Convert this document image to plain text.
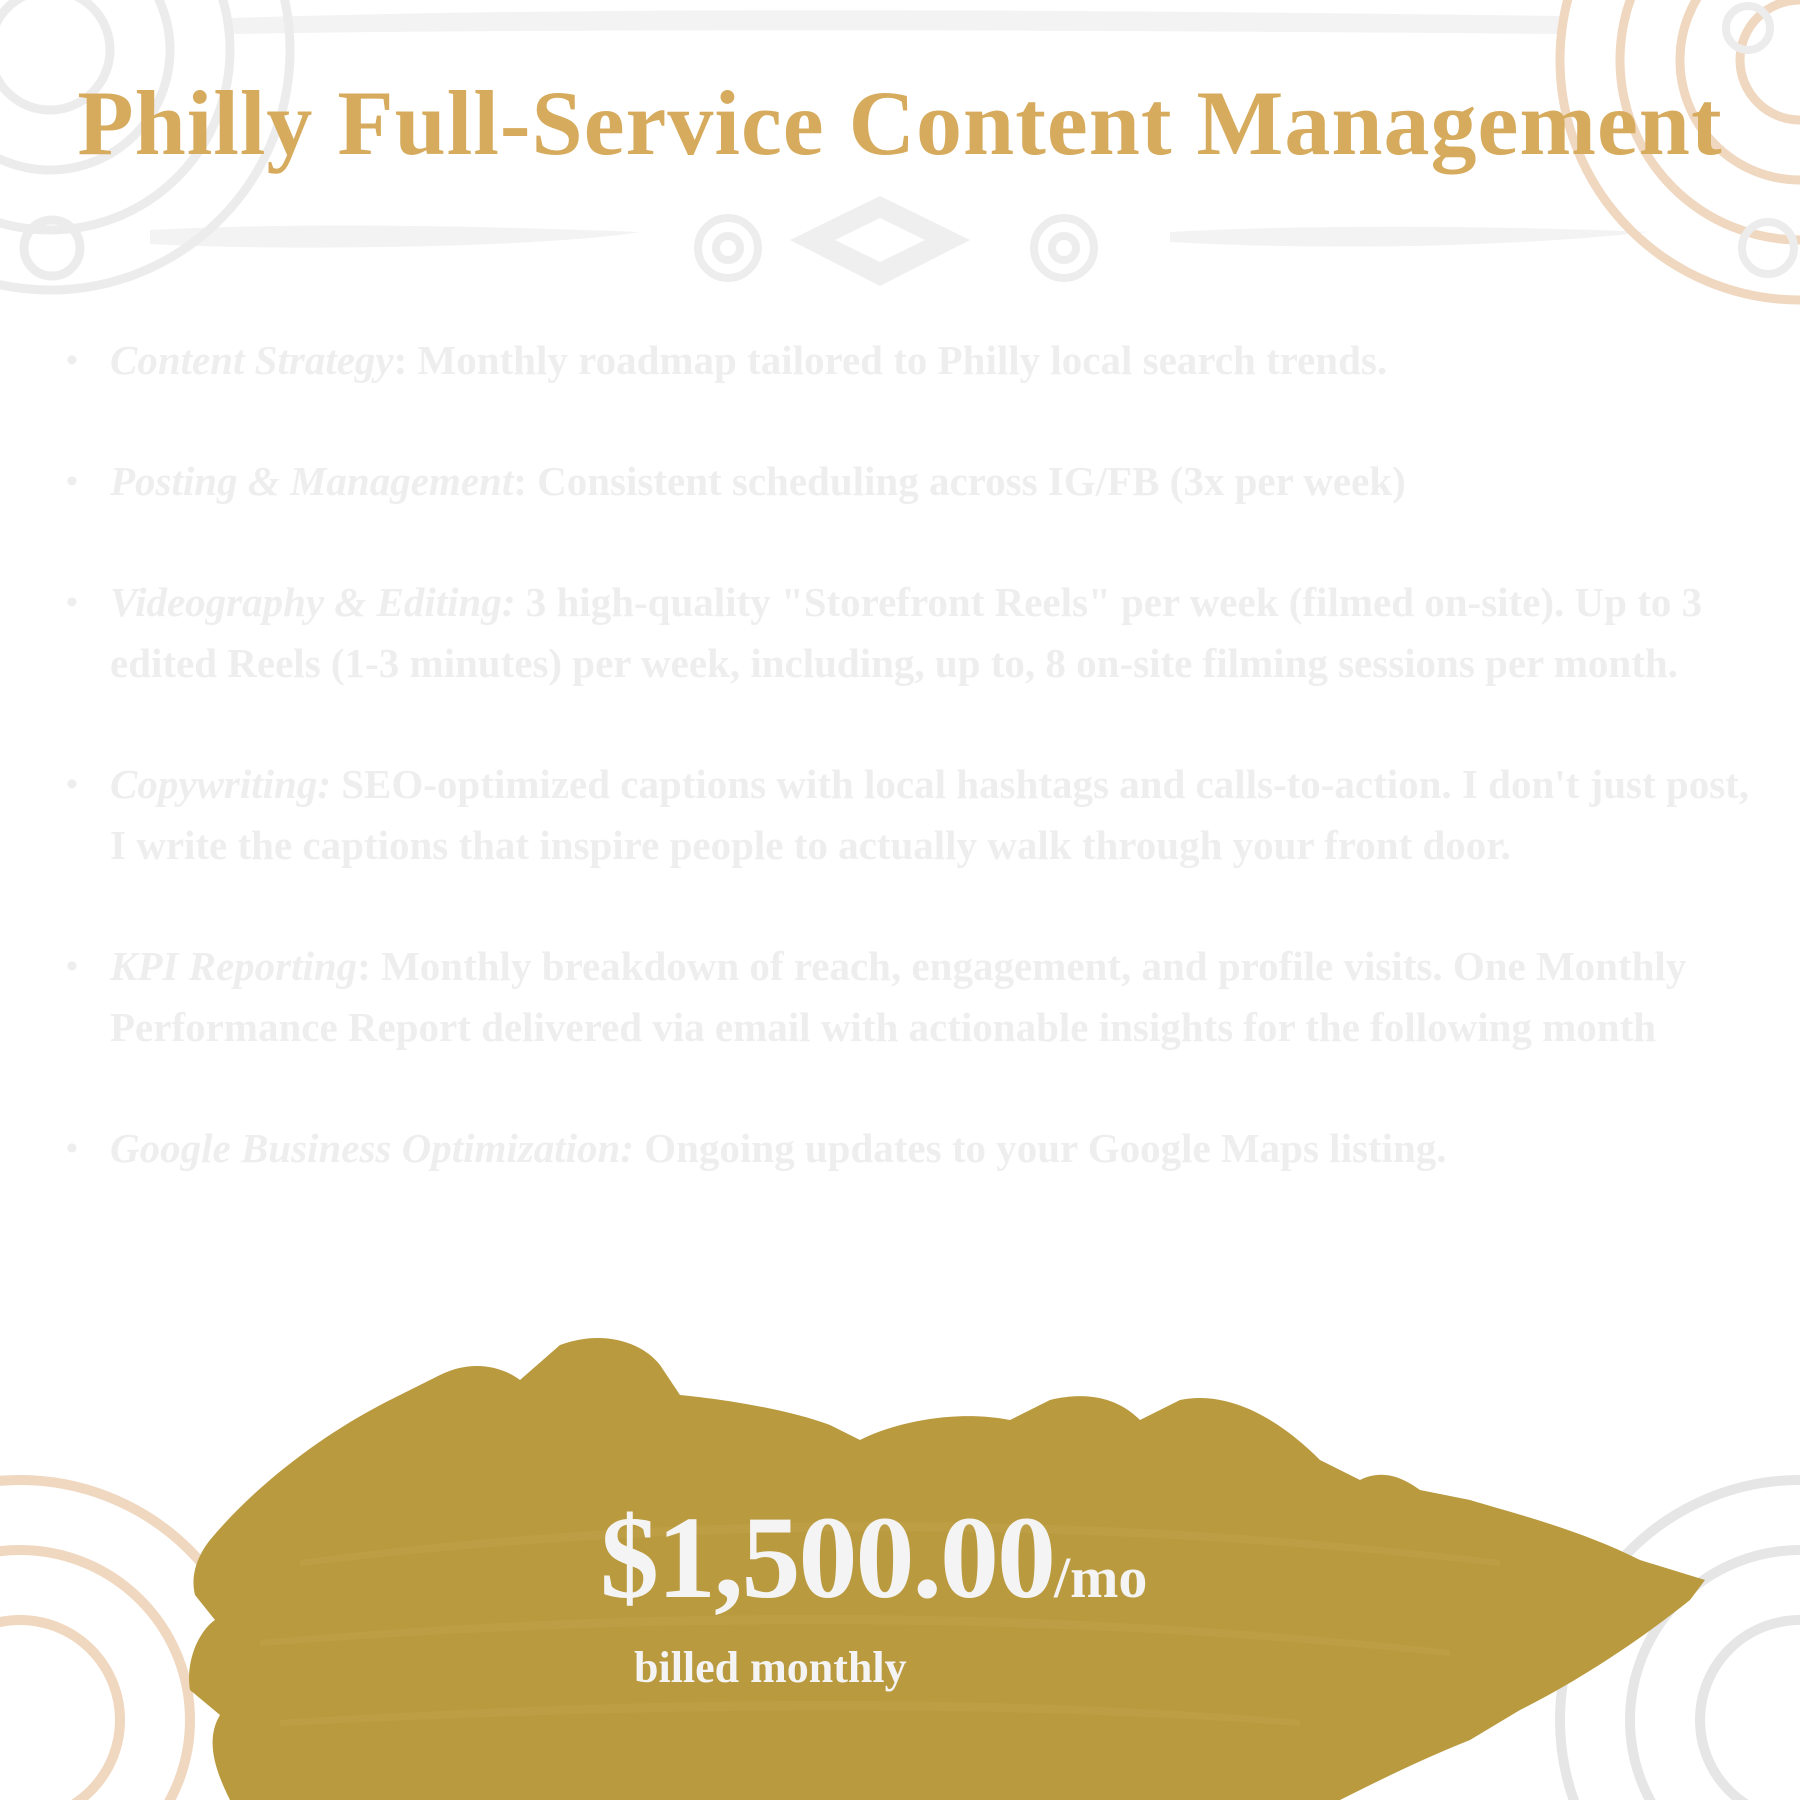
Philly Full-Service Content Management
• Content Strategy: Monthly roadmap tailored to Philly local search trends.
• Posting & Management: Consistent scheduling across IG/FB (3x per week)
• Videography & Editing: 3 high-quality "Storefront Reels" per week (filmed on-site). Up to 3 edited Reels (1-3 minutes) per week, including, up to, 8 on-site filming sessions per month.
• Copywriting: SEO-optimized captions with local hashtags and calls-to-action. I don't just post, I write the captions that inspire people to actually walk through your front door.
• KPI Reporting: Monthly breakdown of reach, engagement, and profile visits. One Monthly Performance Report delivered via email with actionable insights for the following month
• Google Business Optimization: Ongoing updates to your Google Maps listing.
$1,500.00/mo
billed monthly
